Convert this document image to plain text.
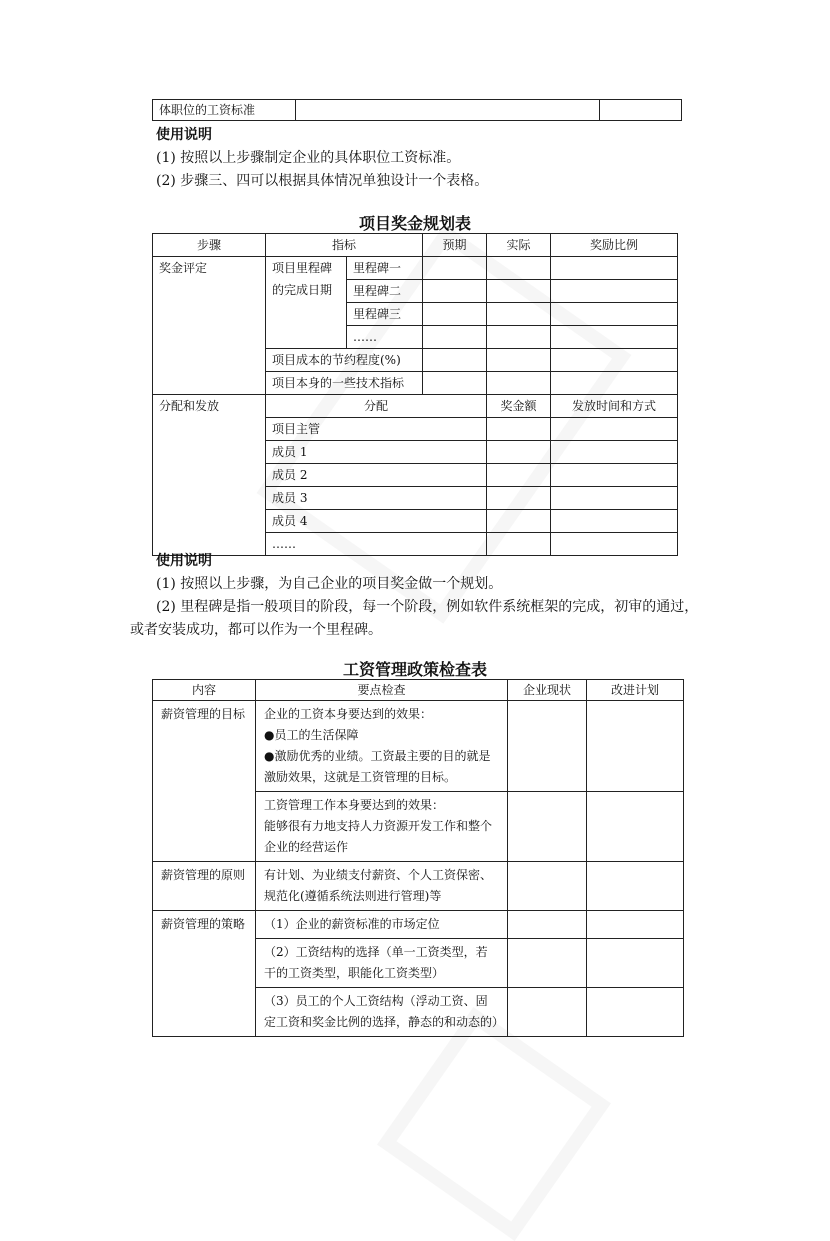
体职位的工资标准		

使用说明

(1) 按照以上步骤制定企业的具体职位工资标准。

(2) 步骤三、四可以根据具体情况单独设计一个表格。

项目奖金规划表

步骤	指标		预期	实际	奖励比例
奖金评定	项目里程碑的完成日期	里程碑一			
		里程碑二			
		里程碑三			
		……			
	项目成本的节约程度(%)				
	项目本身的一些技术指标				
分配和发放	分配			奖金额	发放时间和方式
	项目主管				
	成员 1				
	成员 2				
	成员 3				
	成员 4				
	……				

使用说明

(1) 按照以上步骤，为自己企业的项目奖金做一个规划。

(2) 里程碑是指一般项目的阶段，每一个阶段，例如软件系统框架的完成，初审的通过，

或者安装成功，都可以作为一个里程碑。

工资管理政策检查表

内容	要点检查	企业现状	改进计划
薪资管理的目标	企业的工资本身要达到的效果：
●员工的生活保障
●激励优秀的业绩。工资最主要的目的就是激励效果，这就是工资管理的目标。		

	工资管理工作本身要达到的效果：
能够很有力地支持人力资源开发工作和整个企业的经营运作		

薪资管理的原则	有计划、为业绩支付薪资、个人工资保密、规范化(遵循系统法则进行管理)等		
薪资管理的策略	（1）企业的薪资标准的市场定位		
	（2）工资结构的选择（单一工资类型，若干的工资类型，职能化工资类型）		
	（3）员工的个人工资结构（浮动工资、固定工资和奖金比例的选择，静态的和动态的）		
